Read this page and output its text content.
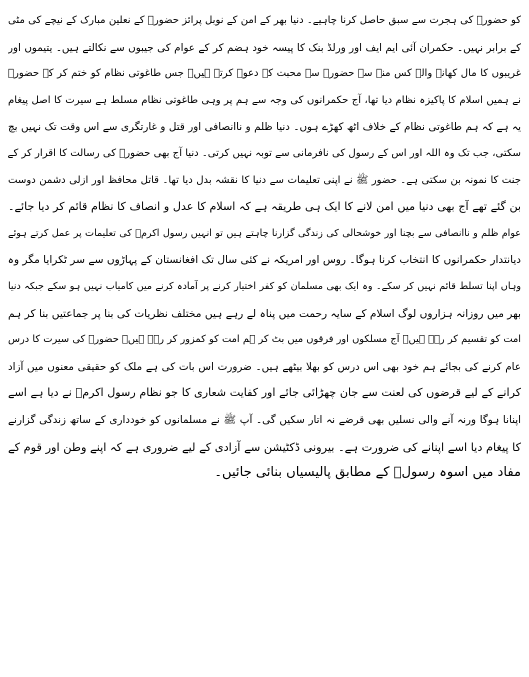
کو حضورؐ کی ہجرت سے سبق حاصل کرنا چاہیے۔ دنیا بھر کے امن کے نوبل پرائز حضورؐ کے نعلین مبارک کے نیچے کی مٹی
کے برابر نہیں۔ حکمران آئی ایم ایف اور ورلڈ بنک کا پیسہ خود ہضم کر کے عوام کی جیبوں سے نکالتے ہیں۔ یتیموں اور
غریبوں کا مال کھانے والے کس منہ سے حضورؐ سے محبت کے دعوے کرتے ہیں۔ جس طاغوتی نظام کو ختم کر کے حضورؐ
نے ہمیں اسلام کا پاکیزہ نظام دیا تھا، آج حکمرانوں کی وجہ سے ہم پر وہی طاغوتی نظام مسلط ہے سیرت کا اصل پیغام
یہ ہے کہ ہم طاغوتی نظام کے خلاف اٹھ کھڑے ہوں۔ دنیا ظلم و ناانصافی اور قتل و غارتگری سے اس وقت تک نہیں بچ
سکتی، جب تک وہ اللہ اور اس کے رسول کی نافرمانی سے توبہ نہیں کرتی۔ دنیا آج بھی حضورؐ کی رسالت کا اقرار کر کے
جنت کا نمونہ بن سکتی ہے۔ حضور ﷺ نے اپنی تعلیمات سے دنیا کا نقشہ بدل دیا تھا۔ قاتل محافظ اور ازلی دشمن دوست
بن گئے تھے آج بھی دنیا میں امن لانے کا ایک ہی طریقہ ہے کہ اسلام کا عدل و انصاف کا نظام قائم کر دیا جائے۔
عوام ظلم و ناانصافی سے بچنا اور خوشحالی کی زندگی گزارنا چاہتے ہیں تو انہیں رسول اکرمؐ کی تعلیمات پر عمل کرتے ہوئے
دیانتدار حکمرانوں کا انتخاب کرنا ہوگا۔ روس اور امریکہ نے کئی سال تک افغانستان کے پہاڑوں سے سر ٹکرایا مگر وہ
وہاں اپنا تسلط قائم نہیں کر سکے۔ وہ ایک بھی مسلمان کو کفر اختیار کرنے پر آمادہ کرنے میں کامیاب نہیں ہو سکے جبکہ دنیا
بھر میں روزانہ ہزاروں لوگ اسلام کے سایہ رحمت میں پناہ لے رہے ہیں مختلف نظریات کی بنا پر جماعتیں بنا کر ہم
امت کو تقسیم کر رہے ہیں۔ آج مسلکوں اور فرقوں میں بٹ کر ہم امت کو کمزور کر رہے ہیں۔ حضورؐ کی سیرت کا درس
عام کرنے کی بجائے ہم خود بھی اس درس کو بھلا بیٹھے ہیں۔ ضرورت اس بات کی ہے ملک کو حقیقی معنوں میں آزاد
کرانے کے لیے قرضوں کی لعنت سے جان چھڑائی جائے اور کفایت شعاری کا جو نظام رسول اکرمؐ نے دیا ہے اسے
اپنانا ہوگا ورنہ آنے والی نسلیں بھی قرضے نہ اتار سکیں گی۔ آپ ﷺ نے مسلمانوں کو خودداری کے ساتھ زندگی گزارنے
کا پیغام دیا اسے اپنانے کی ضرورت ہے۔ بیرونی ڈکٹیشن سے آزادی کے لیے ضروری ہے کہ اپنے وطن اور قوم کے
مفاد میں اسوہ رسولؐ کے مطابق پالیسیاں بنائی جائیں۔
